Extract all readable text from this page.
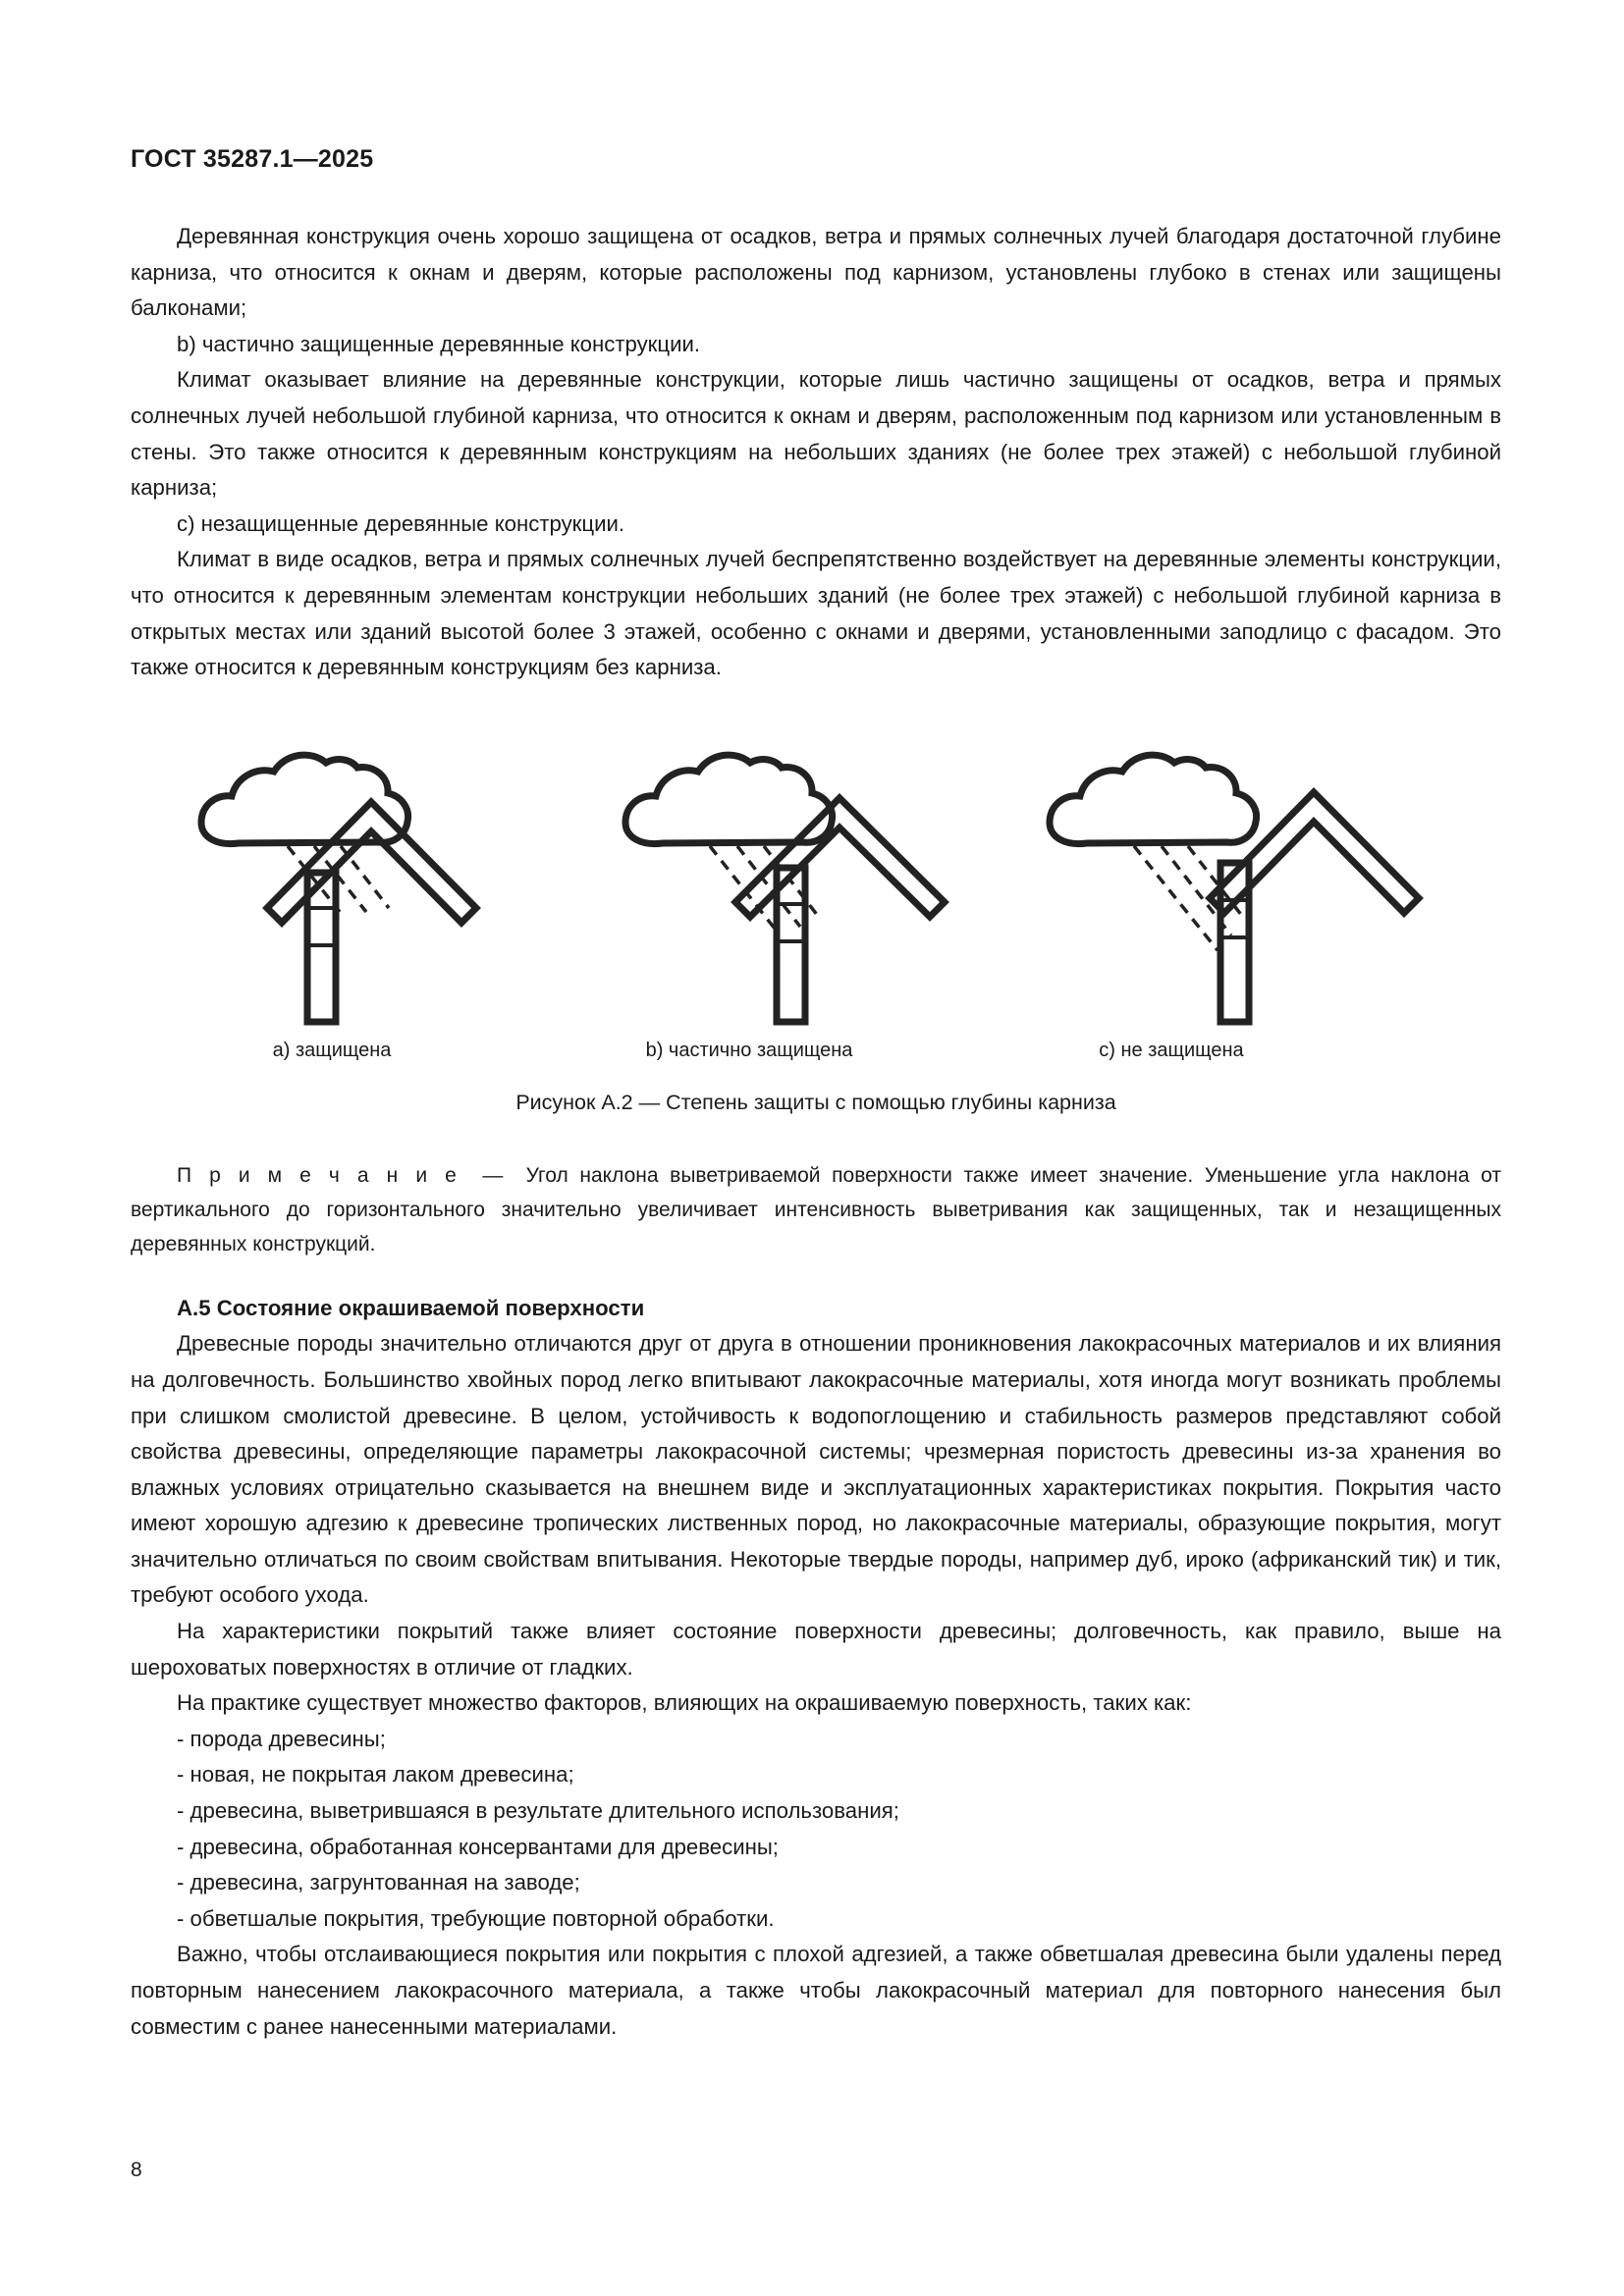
ГОСТ 35287.1—2025

Деревянная конструкция очень хорошо защищена от осадков, ветра и прямых солнечных лучей благодаря достаточной глубине карниза, что относится к окнам и дверям, которые расположены под карнизом, установлены глубоко в стенах или защищены балконами;

b) частично защищенные деревянные конструкции.

Климат оказывает влияние на деревянные конструкции, которые лишь частично защищены от осадков, ветра и прямых солнечных лучей небольшой глубиной карниза, что относится к окнам и дверям, расположенным под карнизом или установленным в стены. Это также относится к деревянным конструкциям на небольших зданиях (не более трех этажей) с небольшой глубиной карниза;

c) незащищенные деревянные конструкции.

Климат в виде осадков, ветра и прямых солнечных лучей беспрепятственно воздействует на деревянные элементы конструкции, что относится к деревянным элементам конструкции небольших зданий (не более трех этажей) с небольшой глубиной карниза в открытых местах или зданий высотой более 3 этажей, особенно с окнами и дверями, установленными заподлицо с фасадом. Это также относится к деревянным конструкциям без карниза.

a) защищена	b) частично защищена	c) не защищена
Рисунок А.2 — Степень защиты с помощью глубины карниза

П р и м е ч а н и е — Угол наклона выветриваемой поверхности также имеет значение. Уменьшение угла наклона от вертикального до горизонтального значительно увеличивает интенсивность выветривания как защищенных, так и незащищенных деревянных конструкций.

А.5 Состояние окрашиваемой поверхности

Древесные породы значительно отличаются друг от друга в отношении проникновения лакокрасочных материалов и их влияния на долговечность. Большинство хвойных пород легко впитывают лакокрасочные материалы, хотя иногда могут возникать проблемы при слишком смолистой древесине. В целом, устойчивость к водопоглощению и стабильность размеров представляют собой свойства древесины, определяющие параметры лакокрасочной системы; чрезмерная пористость древесины из-за хранения во влажных условиях отрицательно сказывается на внешнем виде и эксплуатационных характеристиках покрытия. Покрытия часто имеют хорошую адгезию к древесине тропических лиственных пород, но лакокрасочные материалы, образующие покрытия, могут значительно отличаться по своим свойствам впитывания. Некоторые твердые породы, например дуб, ироко (африканский тик) и тик, требуют особого ухода.

На характеристики покрытий также влияет состояние поверхности древесины; долговечность, как правило, выше на шероховатых поверхностях в отличие от гладких.

На практике существует множество факторов, влияющих на окрашиваемую поверхность, таких как:

- порода древесины;
- новая, не покрытая лаком древесина;
- древесина, выветрившаяся в результате длительного использования;
- древесина, обработанная консервантами для древесины;
- древесина, загрунтованная на заводе;
- обветшалые покрытия, требующие повторной обработки.

Важно, чтобы отслаивающиеся покрытия или покрытия с плохой адгезией, а также обветшалая древесина были удалены перед повторным нанесением лакокрасочного материала, а также чтобы лакокрасочный материал для повторного нанесения был совместим с ранее нанесенными материалами.

8
